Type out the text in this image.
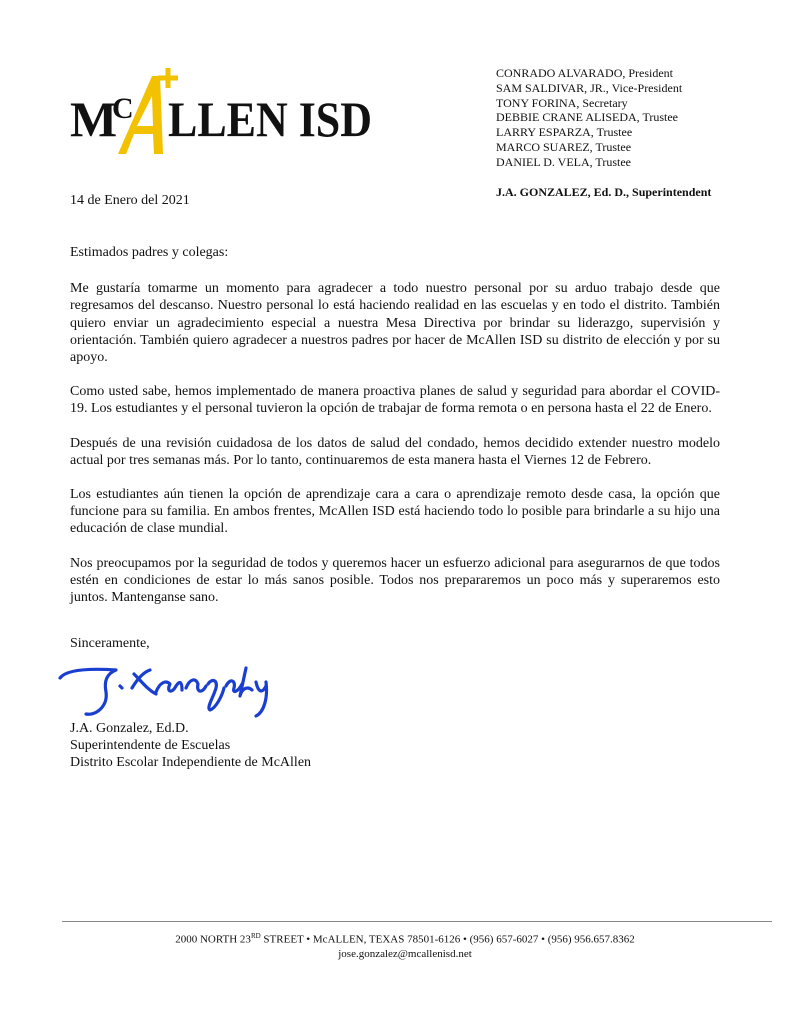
M
C LLEN ISD
CONRADO ALVARADO, President
SAM SALDIVAR, JR., Vice-President
TONY FORINA, Secretary
DEBBIE CRANE ALISEDA, Trustee
LARRY ESPARZA, Trustee
MARCO SUAREZ, Trustee
DANIEL D. VELA, Trustee
J.A. GONZALEZ, Ed. D., Superintendent
14 de Enero del 2021

Estimados padres y colegas:

Me gustaría tomarme un momento para agradecer a todo nuestro personal por su arduo trabajo desde que regresamos del descanso. Nuestro personal lo está haciendo realidad en las escuelas y en todo el distrito. También quiero enviar un agradecimiento especial a nuestra Mesa Directiva por brindar su liderazgo, supervisión y orientación. También quiero agradecer a nuestros padres por hacer de McAllen ISD su distrito de elección y por su apoyo.

Como usted sabe, hemos implementado de manera proactiva planes de salud y seguridad para abordar el COVID-19. Los estudiantes y el personal tuvieron la opción de trabajar de forma remota o en persona hasta el 22 de Enero.

Después de una revisión cuidadosa de los datos de salud del condado, hemos decidido extender nuestro modelo actual por tres semanas más. Por lo tanto, continuaremos de esta manera hasta el Viernes 12 de Febrero.

Los estudiantes aún tienen la opción de aprendizaje cara a cara o aprendizaje remoto desde casa, la opción que funcione para su familia. En ambos frentes, McAllen ISD está haciendo todo lo posible para brindarle a su hijo una educación de clase mundial.

Nos preocupamos por la seguridad de todos y queremos hacer un esfuerzo adicional para asegurarnos de que todos estén en condiciones de estar lo más sanos posible. Todos nos prepararemos un poco más y superaremos esto juntos. Mantenganse sano.

Sinceramente,
J.A. Gonzalez, Ed.D.
Superintendente de Escuelas
Distrito Escolar Independiente de McAllen
2000 NORTH 23RD STREET • McALLEN, TEXAS 78501-6126 • (956) 657-6027 • (956) 956.657.8362
jose.gonzalez@mcallenisd.net
